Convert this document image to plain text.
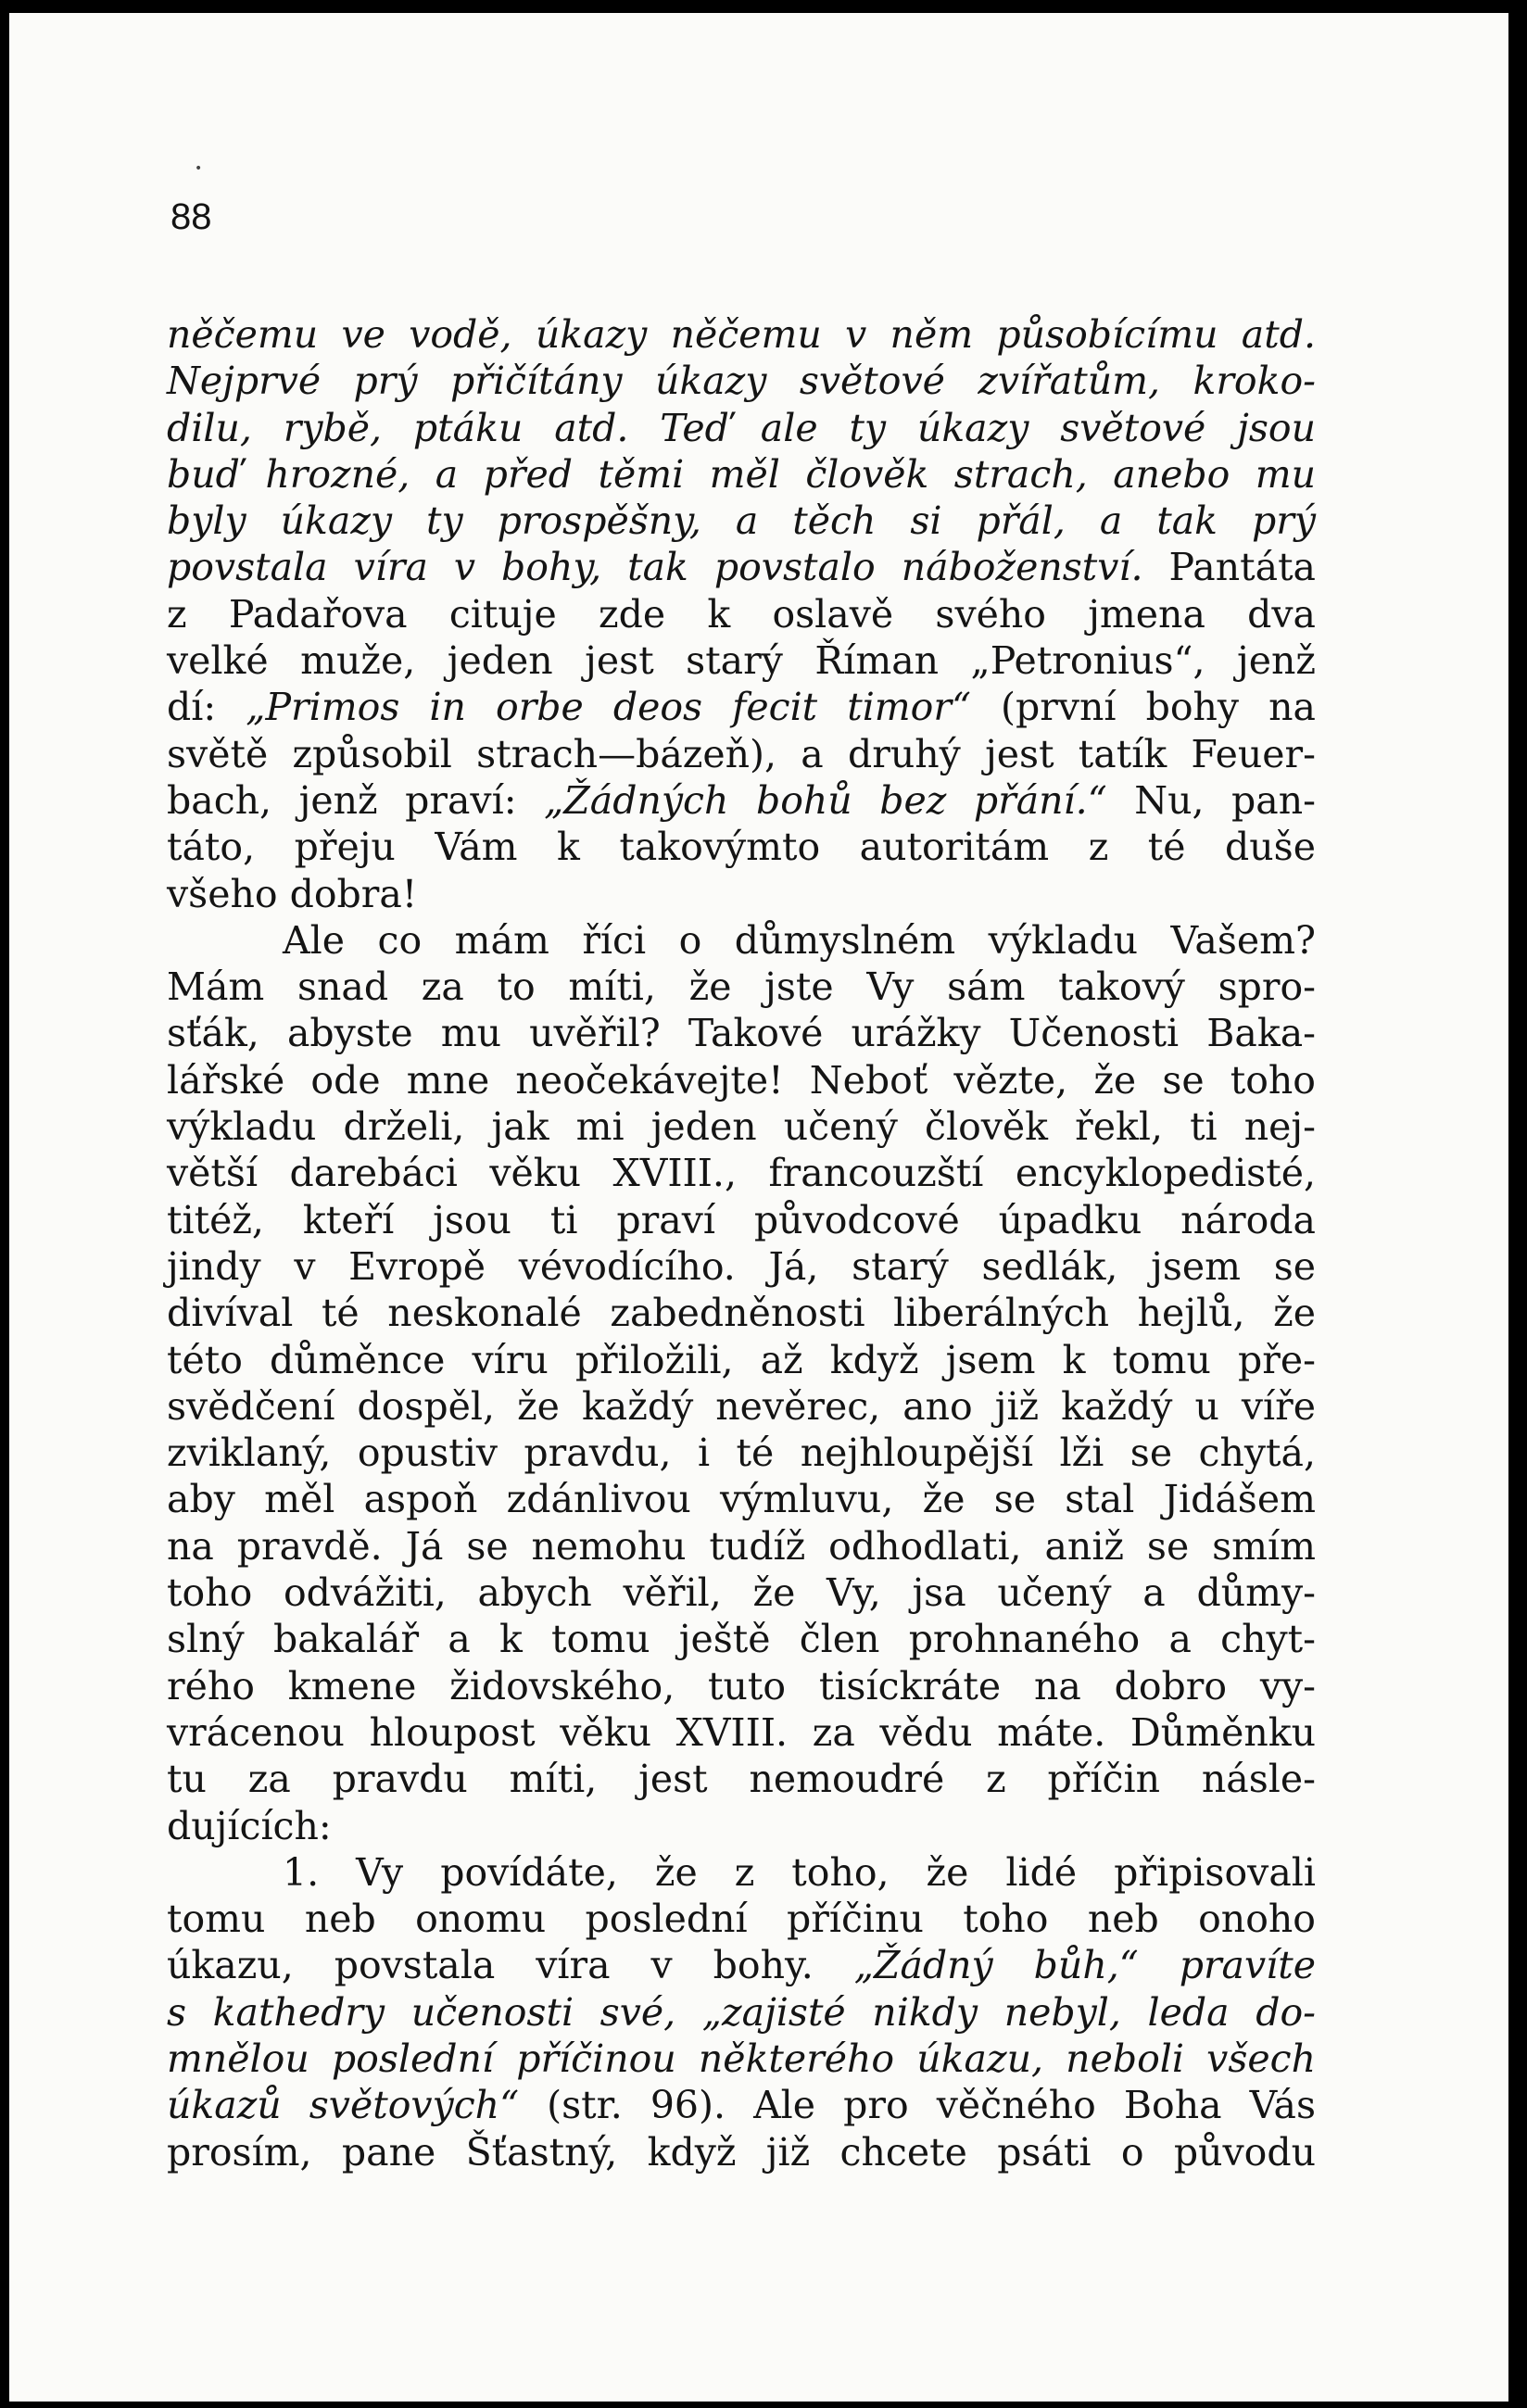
•
88
něčemu ve vodě, úkazy něčemu v něm působícímu atd.
Nejprvé prý přičítány úkazy světové zvířatům, kroko-
dilu, rybě, ptáku atd. Teď ale ty úkazy světové jsou
buď hrozné, a před těmi měl člověk strach, anebo mu
byly úkazy ty prospěšny, a těch si přál, a tak prý
povstala víra v bohy, tak povstalo náboženství. Pantáta
z Padařova cituje zde k oslavě svého jmena dva
velké muže, jeden jest starý Říman „Petronius“, jenž
dí: „Primos in orbe deos fecit timor“ (první bohy na
světě způsobil strach—bázeň), a druhý jest tatík Feuer-
bach, jenž praví: „Žádných bohů bez přání.“ Nu, pan-
táto, přeju Vám k takovýmto autoritám z té duše
všeho dobra!
Ale co mám říci o důmyslném výkladu Vašem?
Mám snad za to míti, že jste Vy sám takový spro-
sťák, abyste mu uvěřil? Takové urážky Učenosti Baka-
lářské ode mne neočekávejte! Neboť vězte, že se toho
výkladu drželi, jak mi jeden učený člověk řekl, ti nej-
větší darebáci věku XVIII., francouzští encyklopedisté,
titéž, kteří jsou ti praví původcové úpadku národa
jindy v Evropě vévodícího. Já, starý sedlák, jsem se
divíval té neskonalé zabedněnosti liberálných hejlů, že
této důměnce víru přiložili, až když jsem k tomu pře-
svědčení dospěl, že každý nevěrec, ano již každý u víře
zviklaný, opustiv pravdu, i té nejhloupější lži se chytá,
aby měl aspoň zdánlivou výmluvu, že se stal Jidášem
na pravdě. Já se nemohu tudíž odhodlati, aniž se smím
toho odvážiti, abych věřil, že Vy, jsa učený a důmy-
slný bakalář a k tomu ještě člen prohnaného a chyt-
rého kmene židovského, tuto tisíckráte na dobro vy-
vrácenou hloupost věku XVIII. za vědu máte. Důměnku
tu za pravdu míti, jest nemoudré z příčin násle-
dujících:
1. Vy povídáte, že z toho, že lidé připisovali
tomu neb onomu poslední příčinu toho neb onoho
úkazu, povstala víra v bohy. „Žádný bůh,“ pravíte
s kathedry učenosti své, „zajisté nikdy nebyl, leda do-
mnělou poslední příčinou některého úkazu, neboli všech
úkazů světových“ (str. 96). Ale pro věčného Boha Vás
prosím, pane Šťastný, když již chcete psáti o původu
